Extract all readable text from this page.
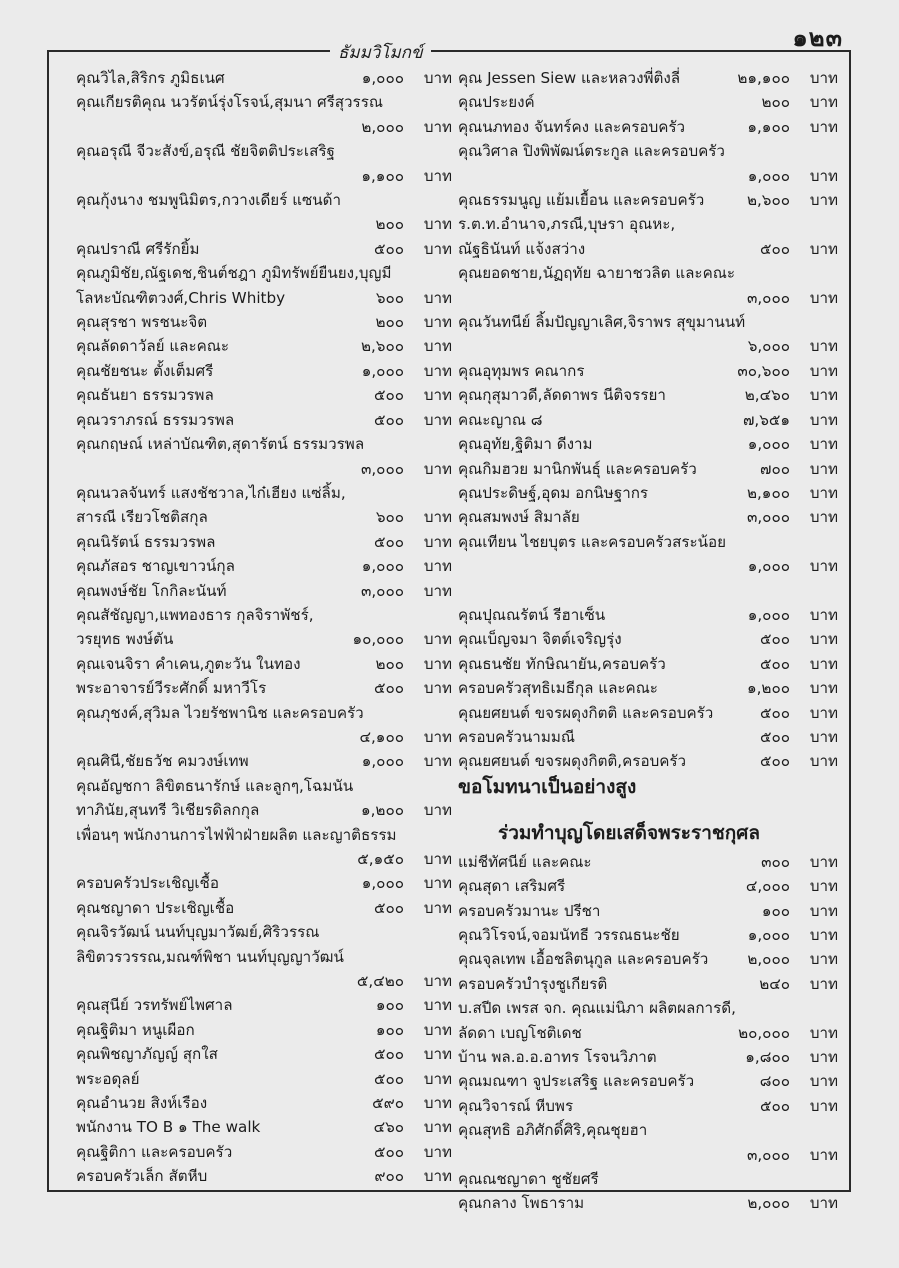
๑๒๓
ธัมมวิโมกข์
คุณวิไล,สิริกร ภูมิธเนศ	๑,๐๐๐ บาท
คุณเกียรติคุณ นวรัตน์รุ่งโรจน์,สุมนา ศรีสุวรรณ
๒,๐๐๐ บาท
คุณอรุณี จีวะสังข์,อรุณี ชัยจิตติประเสริฐ
๑,๑๐๐ บาท
คุณกุ้งนาง ชมพูนิมิตร,กวางเดียร์ แซนด้า
๒๐๐ บาท
คุณปราณี ศรีรักยิ้ม	๕๐๐ บาท
คุณภูมิชัย,ณัฐเดช,ชินต์ชฎา ภูมิทรัพย์ยืนยง,บุญมี
โลหะบัณฑิตวงศ์,Chris Whitby	๖๐๐ บาท
คุณสุรชา พรชนะจิต	๒๐๐ บาท
คุณลัดดาวัลย์ และคณะ	๒,๖๐๐ บาท
คุณชัยชนะ ตั้งเต็มศรี	๑,๐๐๐ บาท
คุณธันยา ธรรมวรพล	๕๐๐ บาท
คุณวราภรณ์ ธรรมวรพล	๕๐๐ บาท
คุณกฤษณ์ เหล่าบัณฑิต,สุดารัตน์ ธรรมวรพล
๓,๐๐๐ บาท
คุณนวลจันทร์ แสงชัชวาล,ไก๋เฮียง แซ่ลิ้ม,
สารณี เรียวโชติสกุล	๖๐๐ บาท
คุณนิรัตน์ ธรรมวรพล	๕๐๐ บาท
คุณภัสอร ชาญเขาวน์กุล	๑,๐๐๐ บาท
คุณพงษ์ชัย โกกิละนันท์	๓,๐๐๐ บาท
คุณสัชัญญา,แพทองธาร กุลจิราพัชร์,
วรยุทธ พงษ์ตัน	๑๐,๐๐๐ บาท
คุณเจนจิรา คำเคน,ภูตะวัน ในทอง	๒๐๐ บาท
พระอาจารย์วีระศักดิ์ มหาวีโร	๕๐๐ บาท
คุณภุชงค์,สุวิมล ไวยรัชพานิช และครอบครัว
๔,๑๐๐ บาท
คุณศินี,ชัยธวัช คมวงษ์เทพ	๑,๐๐๐ บาท
คุณอัญชกา ลิขิตธนารักษ์ และลูกๆ,โฉมนัน
ทาภินัย,สุนทรี วิเชียรดิลกกุล	๑,๒๐๐ บาท
เพื่อนๆ พนักงานการไฟฟ้าฝ่ายผลิต และญาติธรรม
๕,๑๕๐ บาท
ครอบครัวประเชิญเชื้อ	๑,๐๐๐ บาท
คุณชญาดา ประเชิญเชื้อ	๕๐๐ บาท
คุณจิรวัฒน์ นนท์บุญมาวัฒย์,ศิริวรรณ
ลิขิตวรวรรณ,มณฑ์พิชา นนท์บุญญาวัฒน์
๕,๔๒๐ บาท
คุณสุนีย์ วรทรัพย์ไพศาล	๑๐๐ บาท
คุณฐิติมา หนูเผือก	๑๐๐ บาท
คุณพิชญาภัญญ์ สุกใส	๕๐๐ บาท
พระอดุลย์	๕๐๐ บาท
คุณอำนวย สิงห์เรือง	๕๙๐ บาท
พนักงาน TO B ๑ The walk	๔๖๐ บาท
คุณฐิติกา และครอบครัว	๕๐๐ บาท
ครอบครัวเล็ก สัตหีบ	๙๐๐ บาท
คุณ Jessen Siew และหลวงพี่ติงลี่	๒๑,๑๐๐ บาท
คุณประยงค์	๒๐๐ บาท
คุณนภทอง จันทร์คง และครอบครัว	๑,๑๐๐ บาท
คุณวิศาล ปิงพิพัฒน์ตระกูล และครอบครัว
๑,๐๐๐ บาท
คุณธรรมนูญ แย้มเยื้อน และครอบครัว	๒,๖๐๐ บาท
ร.ต.ท.อำนาจ,ภรณี,บุษรา อุณหะ,
ณัฐธินันท์ แจ้งสว่าง	๕๐๐ บาท
คุณยอดชาย,นัฏฤทัย ฉายาชวลิต และคณะ
๓,๐๐๐ บาท
คุณวันทนีย์ ลิ้มปัญญาเลิศ,จิราพร สุขุมานนท์
๖,๐๐๐ บาท
คุณอุทุมพร คณากร	๓๐,๖๐๐ บาท
คุณกุสุมาวดี,ลัดดาพร นีติจรรยา	๒,๔๖๐ บาท
คณะญาณ ๘	๗,๖๕๑ บาท
คุณอุทัย,ฐิติมา ดีงาม	๑,๐๐๐ บาท
คุณกิมฮวย มานิกพันธุ์ และครอบครัว	๗๐๐ บาท
คุณประดิษฐ์,อุดม อกนิษฐากร	๒,๑๐๐ บาท
คุณสมพงษ์ สิมาลัย	๓,๐๐๐ บาท
คุณเทียน ไชยบุตร และครอบครัวสระน้อย
๑,๐๐๐ บาท
คุณปุณณรัตน์ รีฮาเซ็น	๑,๐๐๐ บาท
คุณเบ็ญจมา จิตต์เจริญรุ่ง	๕๐๐ บาท
คุณธนชัย ทักษิณายัน,ครอบครัว	๕๐๐ บาท
ครอบครัวสุทธิเมธีกุล และคณะ	๑,๒๐๐ บาท
คุณยศยนต์ ขจรผดุงกิตติ และครอบครัว	๕๐๐ บาท
ครอบครัวนามมณี	๕๐๐ บาท
คุณยศยนต์ ขจรผดุงกิตติ,ครอบครัว	๕๐๐ บาท
ขอโมทนาเป็นอย่างสูง
ร่วมทำบุญโดยเสด็จพระราชกุศล
แม่ชีทัศนีย์ และคณะ	๓๐๐ บาท
คุณสุดา เสริมศรี	๔,๐๐๐ บาท
ครอบครัวมานะ ปรีชา	๑๐๐ บาท
คุณวิโรจน์,จอมนัทธี วรรณธนะชัย	๑,๐๐๐ บาท
คุณจุลเทพ เอื้อชลิตนุกูล และครอบครัว	๒,๐๐๐ บาท
ครอบครัวบำรุงชูเกียรติ	๒๔๐ บาท
บ.สปีด เพรส จก. คุณแม่นิภา ผลิตผลการดี,
ลัดดา เบญโชติเดช	๒๐,๐๐๐ บาท
บ้าน พล.อ.อ.อาทร โรจนวิภาต	๑,๘๐๐ บาท
คุณมณฑา จูประเสริฐ และครอบครัว	๘๐๐ บาท
คุณวิจารณ์ หีบพร	๕๐๐ บาท
คุณสุทธิ อภิศักดิ์ศิริ,คุณชุยฮา
๓,๐๐๐ บาท
คุณณชญาดา ชูชัยศรี
คุณกลาง โพธาราม	๒,๐๐๐ บาท
